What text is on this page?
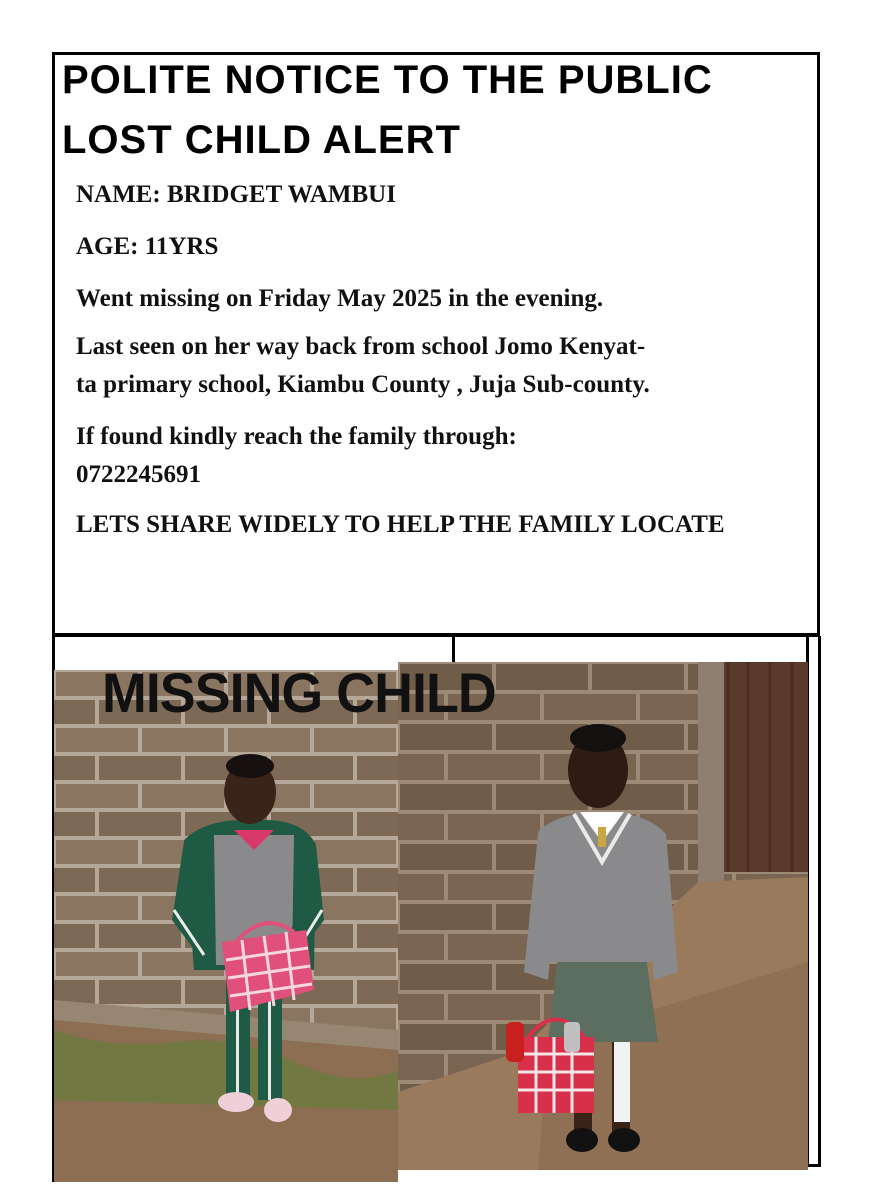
POLITE NOTICE TO THE PUBLIC
LOST CHILD ALERT

NAME: BRIDGET WAMBUI

AGE: 11YRS

Went missing on Friday May 2025 in the evening.

Last seen on her way back from school Jomo Kenyat-

ta primary school, Kiambu County , Juja Sub-county.

If found kindly reach the family through:

0722245691

LETS SHARE WIDELY TO HELP THE FAMILY LOCATE

MISSING CHILD
